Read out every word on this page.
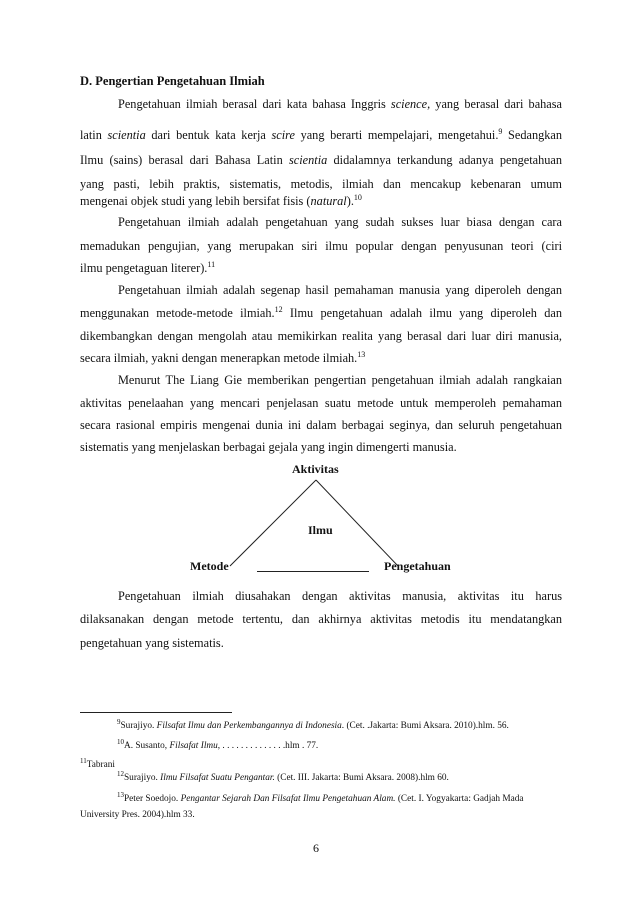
D. Pengertian Pengetahuan Ilmiah
Pengetahuan ilmiah berasal dari kata bahasa Inggris science, yang berasal dari bahasa
latin scientia dari bentuk kata kerja scire yang berarti mempelajari, mengetahui.$^9$ Sedangkan
Ilmu (sains) berasal dari Bahasa Latin scientia didalamnya terkandung adanya pengetahuan
yang pasti, lebih praktis, sistematis, metodis, ilmiah dan mencakup kebenaran umum
mengenai objek studi yang lebih bersifat fisis (natural).$^{10}$
Pengetahuan ilmiah adalah pengetahuan yang sudah sukses luar biasa dengan cara
memadukan pengujian, yang merupakan siri ilmu popular dengan penyusunan teori (ciri
ilmu pengetaguan literer).$^{11}$
Pengetahuan ilmiah adalah segenap hasil pemahaman manusia yang diperoleh dengan
menggunakan metode-metode ilmiah.$^{12}$ Ilmu pengetahuan adalah ilmu yang diperoleh dan
dikembangkan dengan mengolah atau memikirkan realita yang berasal dari luar diri manusia,
secara ilmiah, yakni dengan menerapkan metode ilmiah.$^{13}$
Menurut The Liang Gie memberikan pengertian pengetahuan ilmiah adalah rangkaian
aktivitas penelaahan yang mencari penjelasan suatu metode untuk memperoleh pemahaman
secara rasional empiris mengenai dunia ini dalam berbagai seginya, dan seluruh pengetahuan
sistematis yang menjelaskan berbagai gejala yang ingin dimengerti manusia.
Aktivitas
Ilmu
Metode	Pengetahuan
Pengetahuan ilmiah diusahakan dengan aktivitas manusia, aktivitas itu harus
dilaksanakan dengan metode tertentu, dan akhirnya aktivitas metodis itu mendatangkan
pengetahuan yang sistematis.
$^9$Surajiyo. Filsafat Ilmu dan Perkembangannya di Indonesia. (Cet. .Jakarta: Bumi Aksara. 2010).hlm. 56.
$^{10}$A. Susanto, Filsafat Ilmu, . . . . . . . . . . . . . .hlm . 77.
$^{11}$Tabrani
$^{12}$Surajiyo. Ilmu Filsafat Suatu Pengantar. (Cet. III. Jakarta: Bumi Aksara. 2008).hlm 60.
$^{13}$Peter Soedojo. Pengantar Sejarah Dan Filsafat Ilmu Pengetahuan Alam. (Cet. I. Yogyakarta: Gadjah Mada
University Pres. 2004).hlm 33.
6
